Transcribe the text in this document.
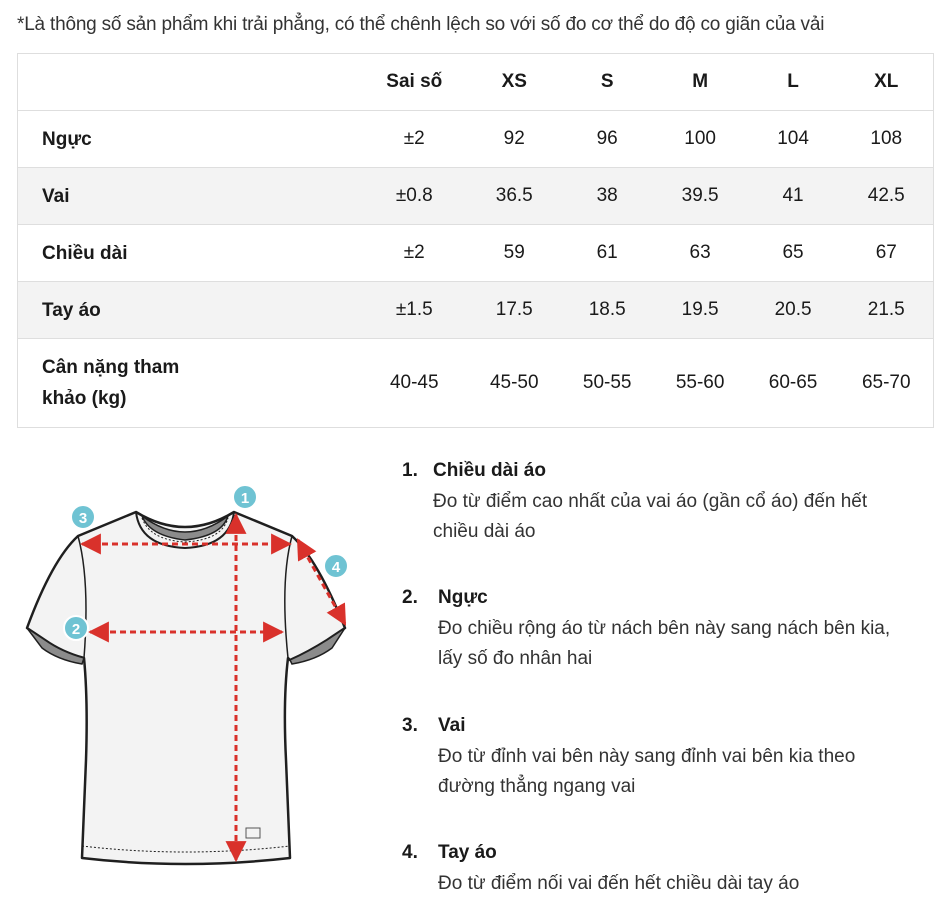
*Là thông số sản phẩm khi trải phẳng, có thể chênh lệch so với số đo cơ thể do độ co giãn của vải
	Sai số	XS	S	M	L	XL
Ngực	±2	92	96	100	104	108
Vai	±0.8	36.5	38	39.5	41	42.5
Chiều dài	±2	59	61	63	65	67
Tay áo	±1.5	17.5	18.5	19.5	20.5	21.5

Cân nặng tham khảo (kg)	40-45	45-50	50-55	55-60	60-65	65-70
1
2
3
4
1. Chiều dài áo
Đo từ điểm cao nhất của vai áo (gần cổ áo) đến hết chiều dài áo
2. Ngực
Đo chiều rộng áo từ nách bên này sang nách bên kia, lấy số đo nhân hai
3. Vai
Đo từ đỉnh vai bên này sang đỉnh vai bên kia theo đường thẳng ngang vai
4. Tay áo
Đo từ điểm nối vai đến hết chiều dài tay áo
